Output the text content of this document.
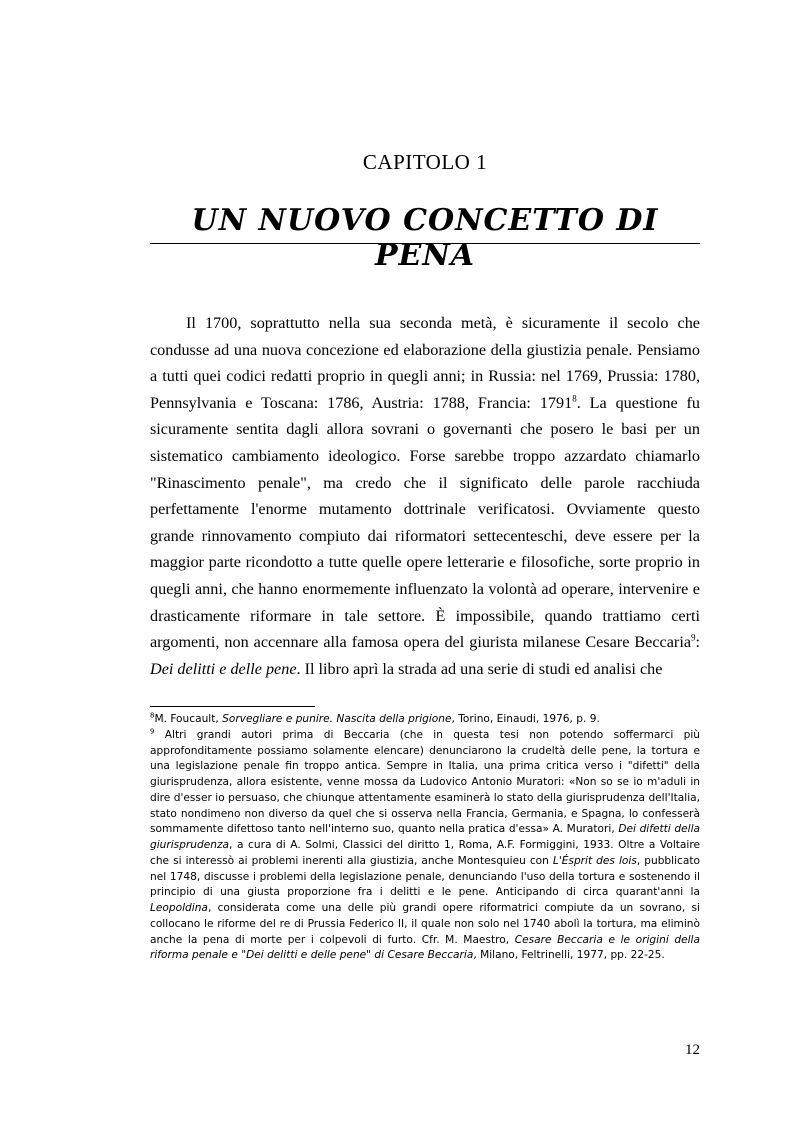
CAPITOLO 1
UN NUOVO CONCETTO DI PENA

Il 1700, soprattutto nella sua seconda metà, è sicuramente il secolo che condusse ad una nuova concezione ed elaborazione della giustizia penale. Pensiamo a tutti quei codici redatti proprio in quegli anni; in Russia: nel 1769, Prussia: 1780, Pennsylvania e Toscana: 1786, Austria: 1788, Francia: 1791$^8$. La questione fu sicuramente sentita dagli allora sovrani o governanti che posero le basi per un sistematico cambiamento ideologico. Forse sarebbe troppo azzardato chiamarlo "Rinascimento penale", ma credo che il significato delle parole racchiuda perfettamente l'enorme mutamento dottrinale verificatosi. Ovviamente questo grande rinnovamento compiuto dai riformatori settecenteschi, deve essere per la maggior parte ricondotto a tutte quelle opere letterarie e filosofiche, sorte proprio in quegli anni, che hanno enormemente influenzato la volontà ad operare, intervenire e drasticamente riformare in tale settore. È impossibile, quando trattiamo certi argomenti, non accennare alla famosa opera del giurista milanese Cesare Beccaria$^9$: Dei delitti e delle pene. Il libro aprì la strada ad una serie di studi ed analisi che

$^8$M. Foucault, Sorvegliare e punire. Nascita della prigione, Torino, Einaudi, 1976, p. 9.

$^9$ Altri grandi autori prima di Beccaria (che in questa tesi non potendo soffermarci più approfonditamente possiamo solamente elencare) denunciarono la crudeltà delle pene, la tortura e una legislazione penale fin troppo antica. Sempre in Italia, una prima critica verso i "difetti" della giurisprudenza, allora esistente, venne mossa da Ludovico Antonio Muratori: «Non so se io m'aduli in dire d'esser io persuaso, che chiunque attentamente esaminerà lo stato della giurisprudenza dell'Italia, stato nondimeno non diverso da quel che si osserva nella Francia, Germania, e Spagna, lo confesserà sommamente difettoso tanto nell'interno suo, quanto nella pratica d'essa» A. Muratori, Dei difetti della giurisprudenza, a cura di A. Solmi, Classici del diritto 1, Roma, A.F. Formiggini, 1933. Oltre a Voltaire che si interessò ai problemi inerenti alla giustizia, anche Montesquieu con L'Ésprit des lois, pubblicato nel 1748, discusse i problemi della legislazione penale, denunciando l'uso della tortura e sostenendo il principio di una giusta proporzione fra i delitti e le pene. Anticipando di circa quarant'anni la Leopoldina, considerata come una delle più grandi opere riformatrici compiute da un sovrano, si collocano le riforme del re di Prussia Federico II, il quale non solo nel 1740 abolì la tortura, ma eliminò anche la pena di morte per i colpevoli di furto. Cfr. M. Maestro, Cesare Beccaria e le origini della riforma penale e "Dei delitti e delle pene" di Cesare Beccaria, Milano, Feltrinelli, 1977, pp. 22-25.

12
